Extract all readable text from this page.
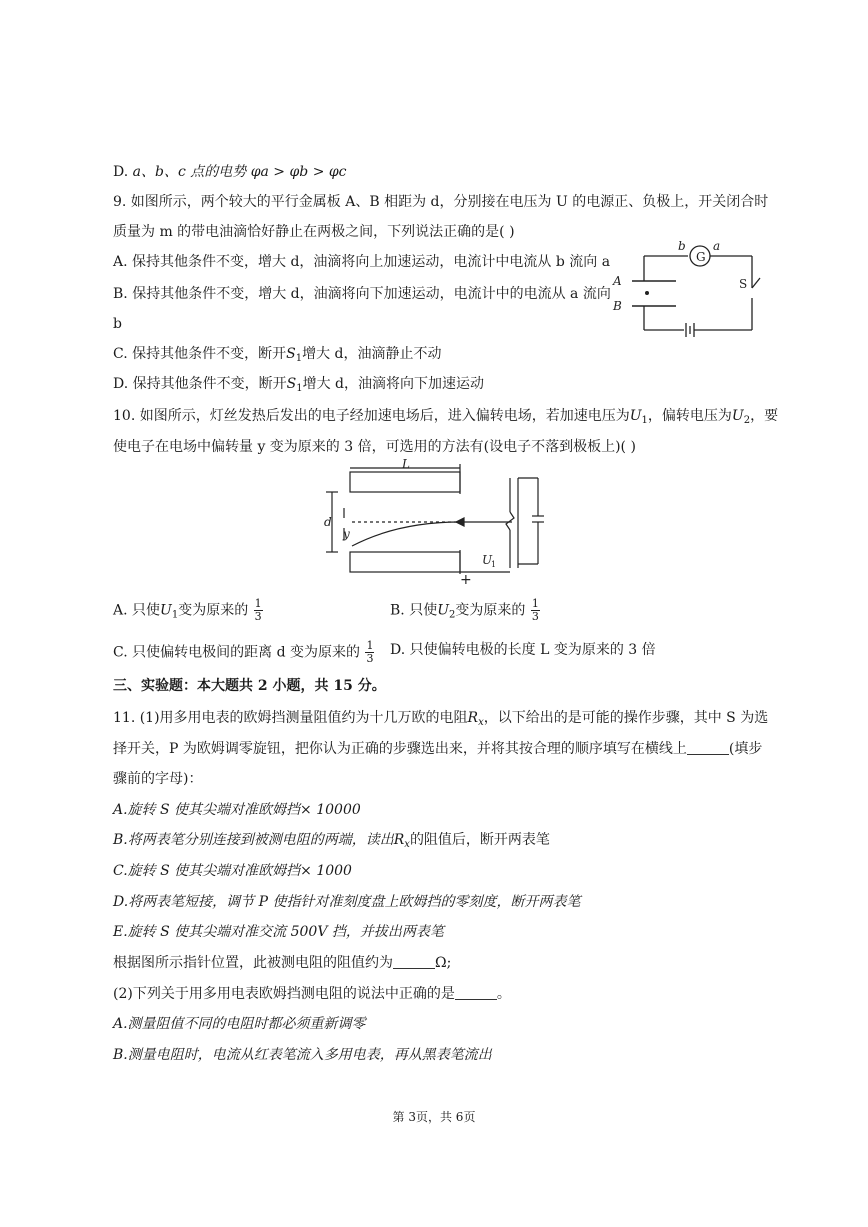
D. a、b、c 点的电势 φa > φb > φc
9. 如图所示，两个较大的平行金属板 A、B 相距为 d，分别接在电压为 U 的电源正、负极上，开关闭合时
质量为 m 的带电油滴恰好静止在两极之间，下列说法正确的是( )
A. 保持其他条件不变，增大 d，油滴将向上加速运动，电流计中电流从 b 流向 a
B. 保持其他条件不变，增大 d，油滴将向下加速运动，电流计中的电流从 a 流向
b
C. 保持其他条件不变，断开$S_1$增大 d，油滴静止不动
D. 保持其他条件不变，断开$S_1$增大 d，油滴将向下加速运动
G
b a
A
B
S
10. 如图所示，灯丝发热后发出的电子经加速电场后，进入偏转电场，若加速电压为$U_1$，偏转电压为$U_2$，要
使电子在电场中偏转量 y 变为原来的 3 倍，可选用的方法有(设电子不落到极板上)( )
L
d
y
U
1
+
A. 只使$U_1$变为原来的 $\frac{1}{3}$	B. 只使$U_2$变为原来的 $\frac{1}{3}$
C. 只使偏转电极间的距离 d 变为原来的 $\frac{1}{3} D$. 只使偏转电极的长度 L 变为原来的 3 倍
三、实验题：本大题共 2 小题，共 15 分。
11. (1)用多用电表的欧姆挡测量阻值约为十几万欧的电阻$R_x$，以下给出的是可能的操作步骤，其中 S 为选
择开关，P 为欧姆调零旋钮，把你认为正确的步骤选出来，并将其按合理的顺序填写在横线上	(填步
骤前的字母)：
A.旋转 S 使其尖端对准欧姆挡× 10000
B.将两表笔分别连接到被测电阻的两端，读出$R_x$的阻值后，断开两表笔
C.旋转 S 使其尖端对准欧姆挡× 1000
D.将两表笔短接，调节 P 使指针对准刻度盘上欧姆挡的零刻度，断开两表笔
E.旋转 S 使其尖端对准交流 500V 挡，并拔出两表笔
根据图所示指针位置，此被测电阻的阻值约为	Ω;
(2)下列关于用多用电表欧姆挡测电阻的说法中正确的是	。
A.测量阻值不同的电阻时都必须重新调零
B.测量电阻时，电流从红表笔流入多用电表，再从黑表笔流出
第 3页，共 6页
